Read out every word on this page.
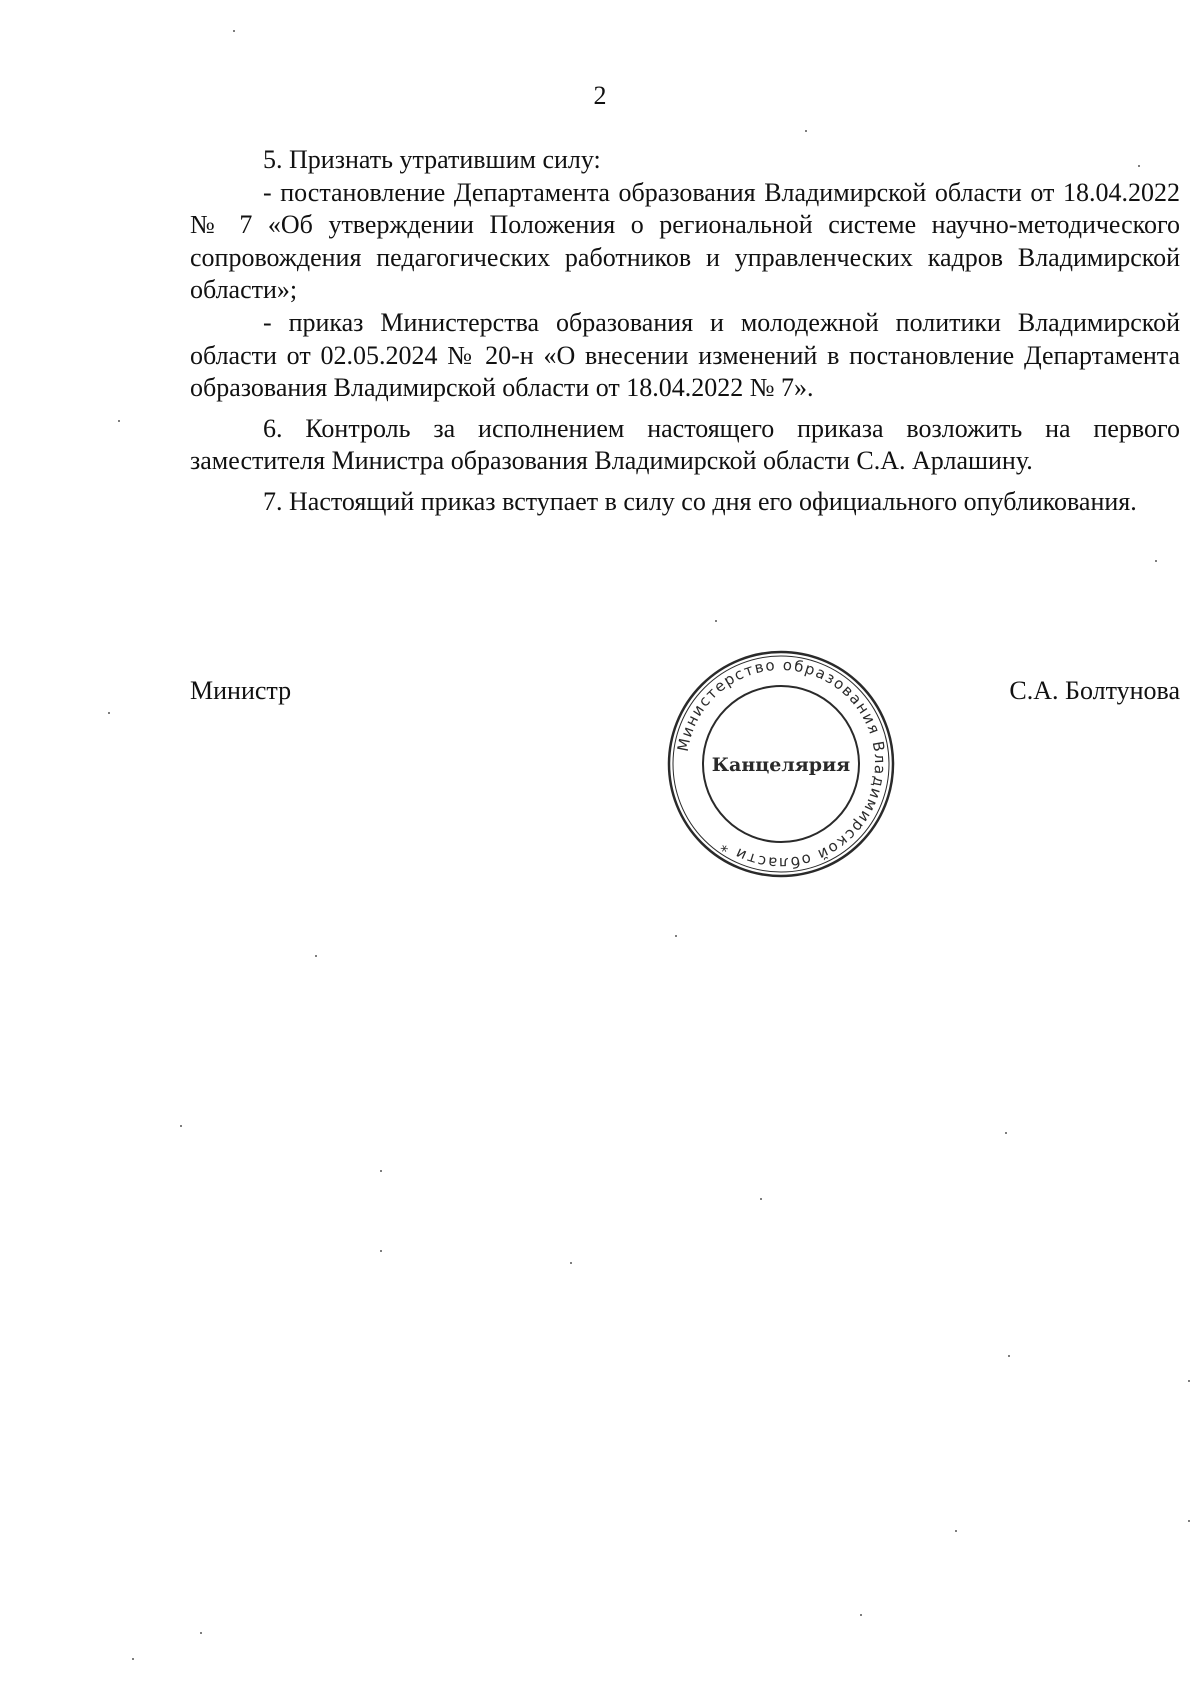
2

5. Признать утратившим силу:

- постановление Департамента образования Владимирской области от 18.04.2022 № 7 «Об утверждении Положения о региональной системе научно-методического сопровождения педагогических работников и управленческих кадров Владимирской области»;

- приказ Министерства образования и молодежной политики Владимирской области от 02.05.2024 № 20-н «О внесении изменений в постановление Департамента образования Владимирской области от 18.04.2022 № 7».

6. Контроль за исполнением настоящего приказа возложить на первого заместителя Министра образования Владимирской области С.А. Арлашину.

7. Настоящий приказ вступает в силу со дня его официального опубликования.

Министр	С.А. Болтунова
Министерство образования Владимирской области *
Канцелярия
